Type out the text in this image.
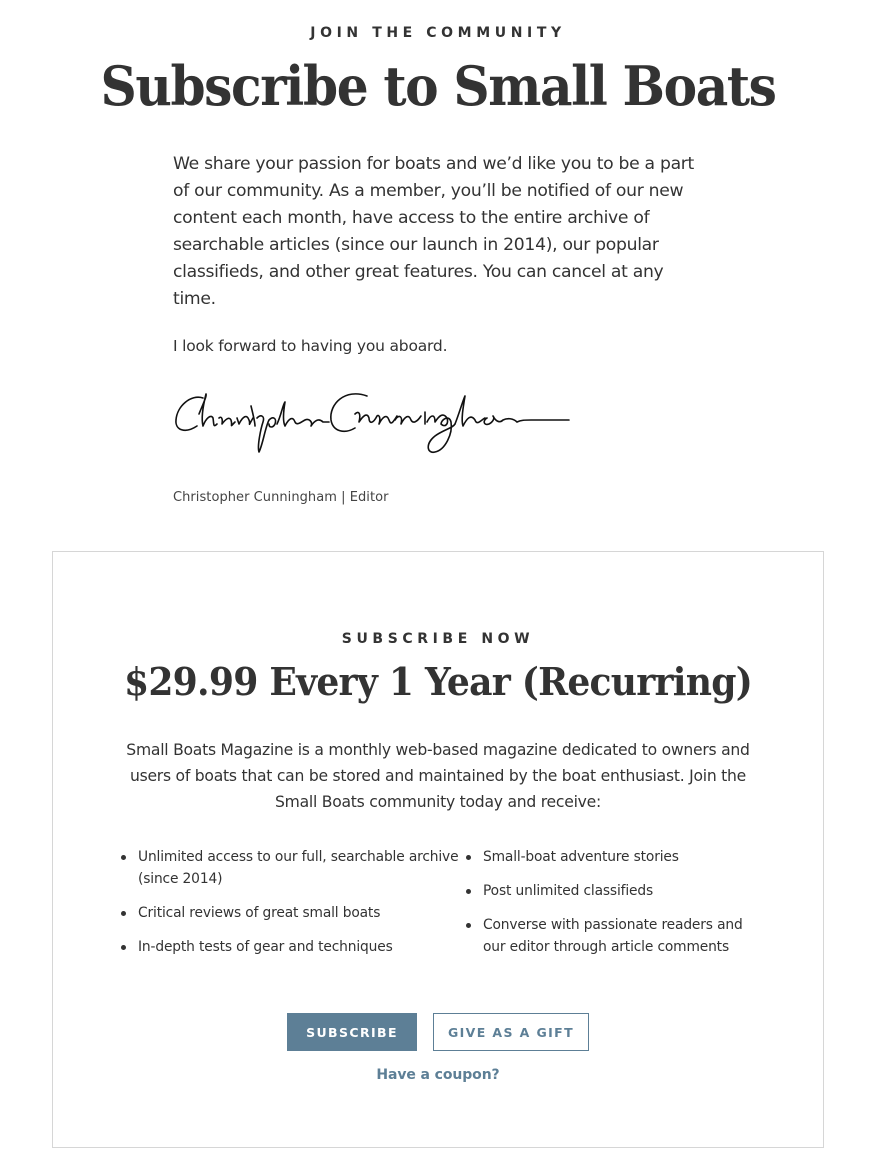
JOIN THE COMMUNITY
Subscribe to Small Boats

We share your passion for boats and we’d like you to be a part of our community. As a member, you’ll be notified of our new content each month, have access to the entire archive of searchable articles (since our launch in 2014), our popular classifieds, and other great features. You can cancel at any time.

I look forward to having you aboard.

Christopher Cunningham | Editor
SUBSCRIBE NOW
$29.99 Every 1 Year (Recurring)

Small Boats Magazine is a monthly web-based magazine dedicated to owners and users of boats that can be stored and maintained by the boat enthusiast. Join the Small Boats community today and receive:

Unlimited access to our full, searchable archive (since 2014)
Critical reviews of great small boats
In-depth tests of gear and techniques
Small-boat adventure stories
Post unlimited classifieds
Converse with passionate readers and our editor through article comments
SUBSCRIBE	GIVE AS A GIFT
Have a coupon?
